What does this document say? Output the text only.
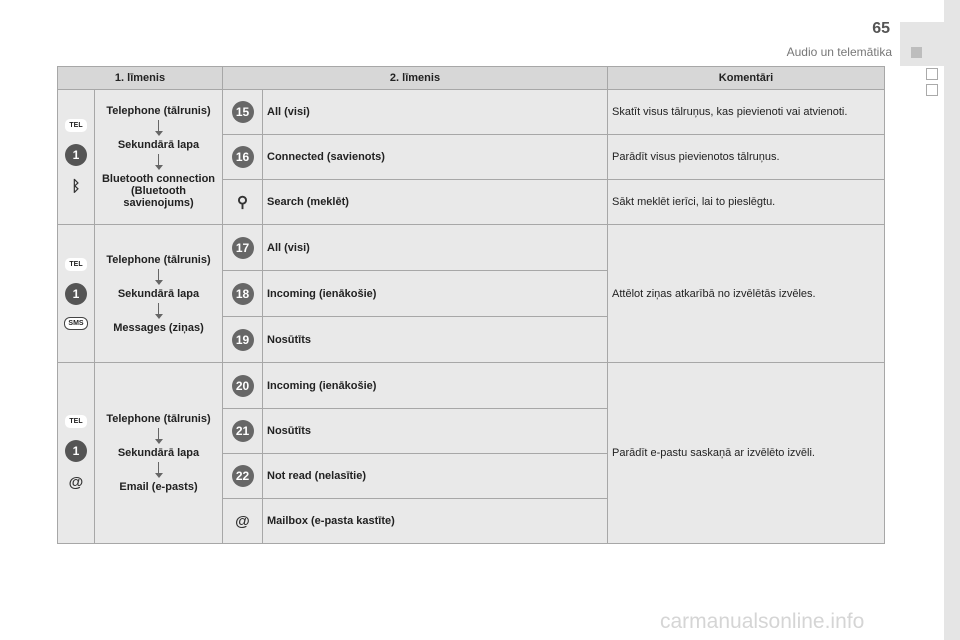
65
Audio un telemātika
1. līmenis		2. līmenis		Komentāri

TEL
1
ᛒ	Telephone (tālrunis)
Sekundārā lapa
Bluetooth connection (Bluetooth savienojums)	15	All (visi)	Skatīt visus tālruņus, kas pievienoti vai atvienoti.
		16	Connected (savienots)	Parādīt visus pievienotos tālruņus.
		⚲	Search (meklēt)	Sākt meklēt ierīci, lai to pieslēgtu.

TEL
1
SMS	Telephone (tālrunis)
Sekundārā lapa
Messages (ziņas)	17	All (visi)	Attēlot ziņas atkarībā no izvēlētās izvēles.
		18	Incoming (ienākošie)	
		19	Nosūtīts	

TEL
1
@	Telephone (tālrunis)
Sekundārā lapa
Email (e-pasts)	20	Incoming (ienākošie)	Parādīt e-pastu saskaņā ar izvēlēto izvēli.
		21	Nosūtīts	
		22	Not read (nelasītie)	
		@	Mailbox (e-pasta kastīte)	
carmanualsonline.info
